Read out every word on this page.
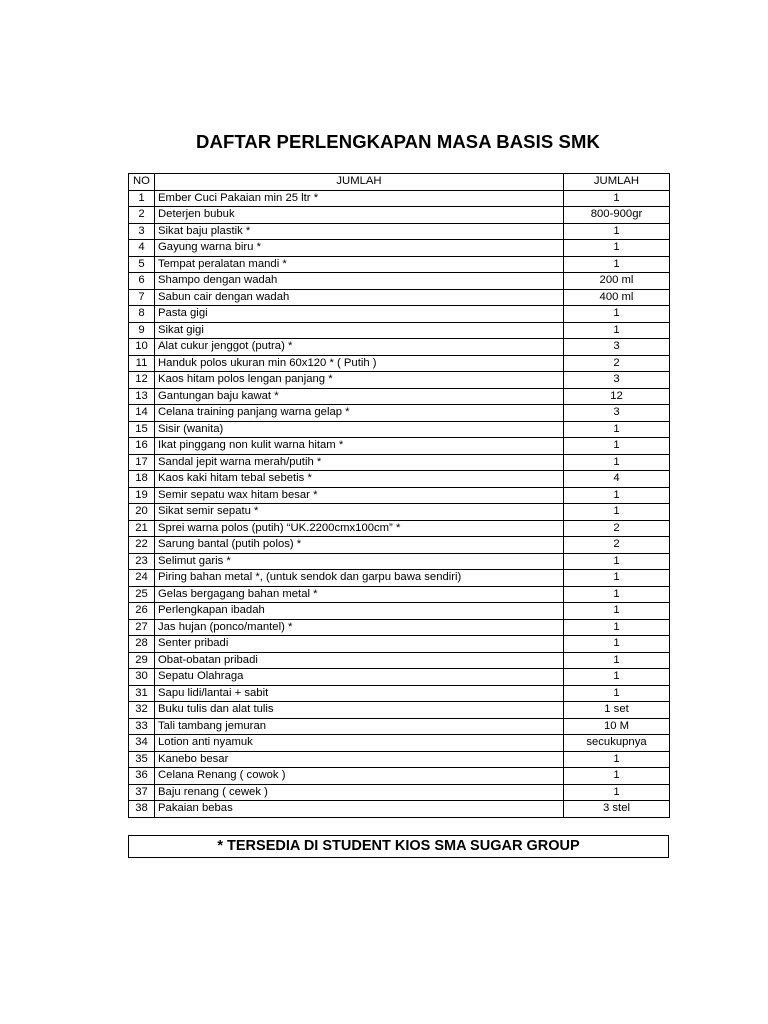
DAFTAR PERLENGKAPAN MASA BASIS SMK
NO	JUMLAH	JUMLAH
1	Ember Cuci Pakaian min 25 ltr *	1
2	Deterjen bubuk	800-900gr
3	Sikat baju plastik *	1
4	Gayung warna biru *	1
5	Tempat peralatan mandi *	1
6	Shampo dengan wadah	200 ml
7	Sabun cair dengan wadah	400 ml
8	Pasta gigi	1
9	Sikat gigi	1
10	Alat cukur jenggot (putra) *	3
11	Handuk polos ukuran min 60x120 * ( Putih )	2
12	Kaos hitam polos lengan panjang *	3
13	Gantungan baju kawat *	12
14	Celana training panjang warna gelap *	3
15	Sisir (wanita)	1
16	Ikat pinggang non kulit warna hitam *	1
17	Sandal jepit warna merah/putih *	1
18	Kaos kaki hitam tebal sebetis *	4
19	Semir sepatu wax hitam besar *	1
20	Sikat semir sepatu *	1
21	Sprei warna polos (putih) “UK.2200cmx100cm” *	2
22	Sarung bantal (putih polos) *	2
23	Selimut garis *	1
24	Piring bahan metal *, (untuk sendok dan garpu bawa sendiri)	1
25	Gelas bergagang bahan metal *	1
26	Perlengkapan ibadah	1
27	Jas hujan (ponco/mantel) *	1
28	Senter pribadi	1
29	Obat-obatan pribadi	1
30	Sepatu Olahraga	1
31	Sapu lidi/lantai + sabit	1
32	Buku tulis dan alat tulis	1 set
33	Tali tambang jemuran	10 M
34	Lotion anti nyamuk	secukupnya
35	Kanebo besar	1
36	Celana Renang ( cowok )	1
37	Baju renang ( cewek )	1
38	Pakaian bebas	3 stel
* TERSEDIA DI STUDENT KIOS SMA SUGAR GROUP
